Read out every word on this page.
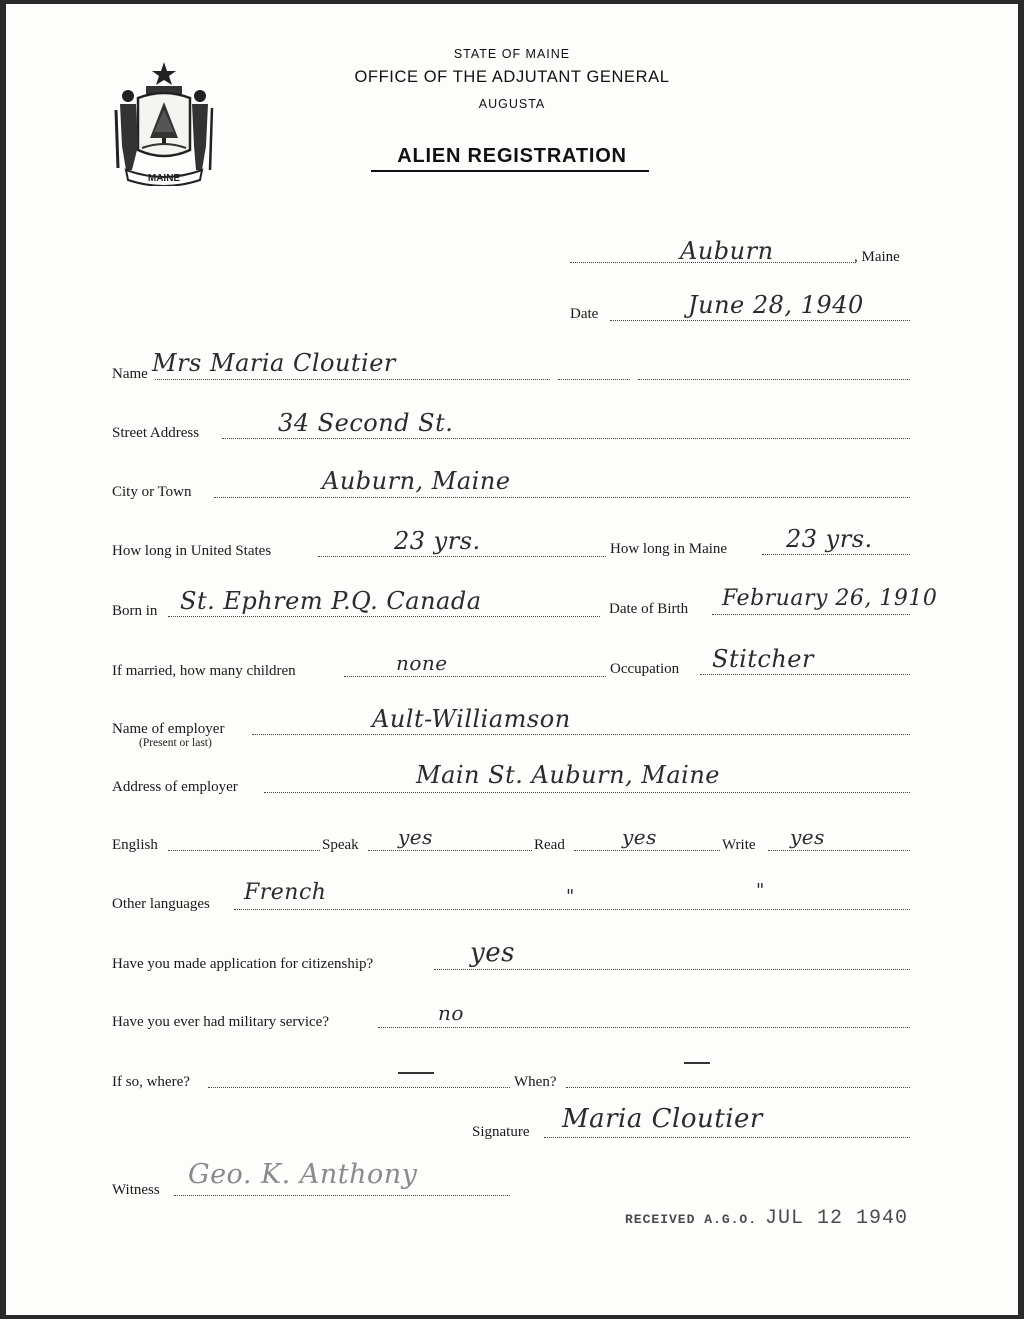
MAINE
STATE OF MAINE
OFFICE OF THE ADJUTANT GENERAL
AUGUSTA
ALIEN REGISTRATION
Auburn	, Maine
Date	June 28, 1940
Name Mrs Maria Cloutier
Street Address	34 Second St.
City or Town	Auburn, Maine
How long in United States	23 yrs.	How long in Maine 23 yrs.
Born in St. Ephrem P.Q. Canada	Date of Birth February 26, 1910
If married, how many children	none	Occupation Stitcher
Name of employer
(Present or last)
Ault-Williamson
Address of employer	Main St. Auburn, Maine
English	Speak yes	Read	yes	Write yes
Other languages French	"	"
Have you made application for citizenship?	yes
Have you ever had military service?	no
If so, where?	When?
Signature Maria Cloutier
Witness Geo. K. Anthony
RECEIVED A.G.O. JUL 12 1940
